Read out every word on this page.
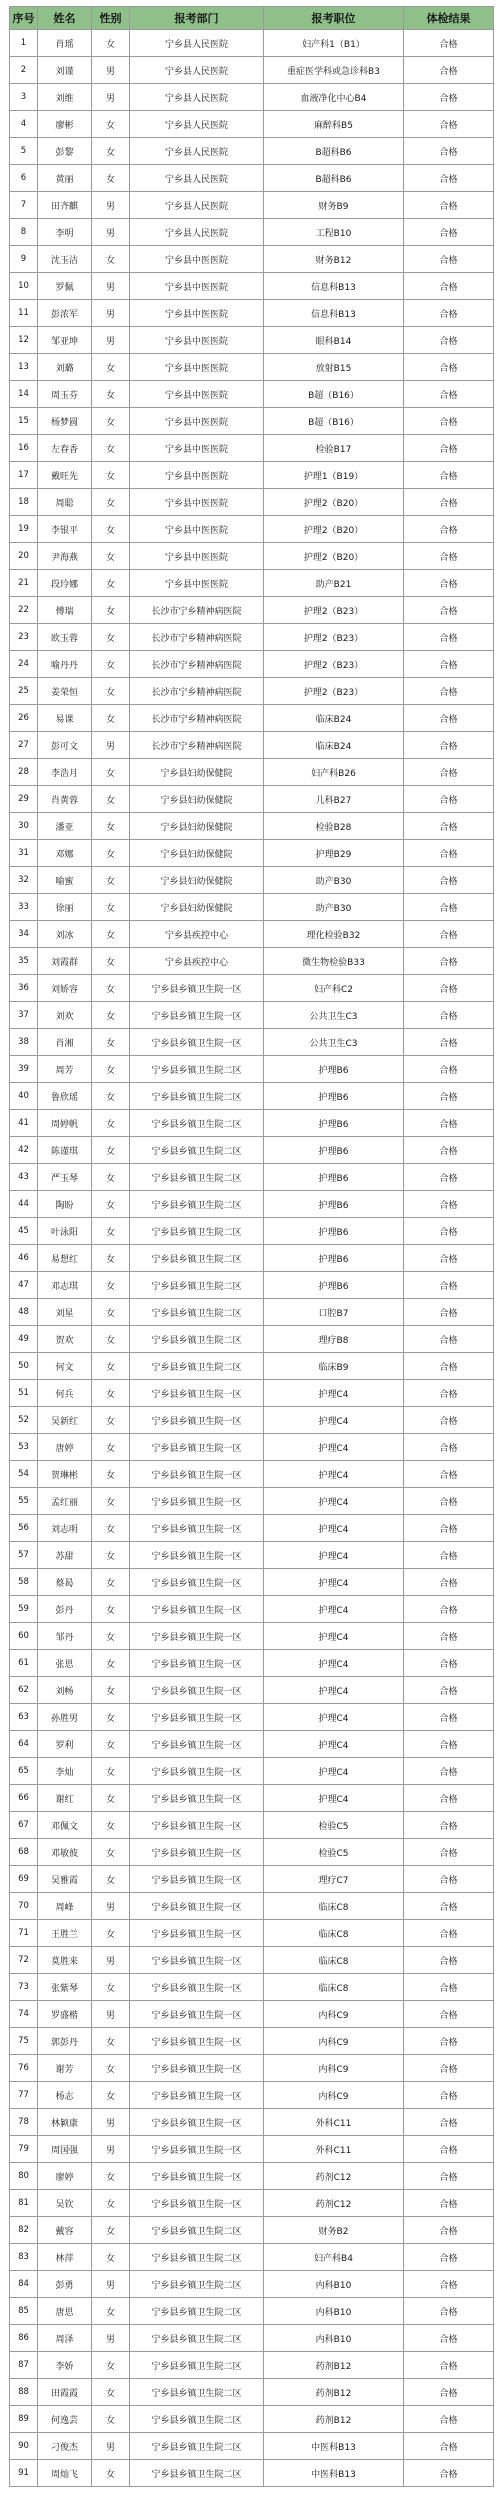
序号	姓名	性别	报考部门	报考职位	体检结果
1	肖瑶	女	宁乡县人民医院	妇产科1（B1）	合格
2	刘谨	男	宁乡县人民医院	重症医学科或急诊科B3	合格
3	刘维	男	宁乡县人民医院	血液净化中心B4	合格
4	廖彬	女	宁乡县人民医院	麻醉科B5	合格
5	彭黎	女	宁乡县人民医院	B超科B6	合格
6	黄丽	女	宁乡县人民医院	B超科B6	合格
7	田齐麒	男	宁乡县人民医院	财务B9	合格
8	李明	男	宁乡县人民医院	工程B10	合格
9	沈玉洁	女	宁乡县中医医院	财务B12	合格
10	罗佩	男	宁乡县中医医院	信息科B13	合格
11	彭浓军	男	宁乡县中医医院	信息科B13	合格
12	邹亚坤	男	宁乡县中医医院	眼科B14	合格
13	刘璐	女	宁乡县中医医院	放射B15	合格
14	周玉芬	女	宁乡县中医医院	B超（B16）	合格
15	杨梦圆	女	宁乡县中医医院	B超（B16）	合格
16	左春香	女	宁乡县中医医院	检验B17	合格
17	戴旺先	女	宁乡县中医医院	护理1（B19）	合格
18	周聪	女	宁乡县中医医院	护理2（B20）	合格
19	李银平	女	宁乡县中医医院	护理2（B20）	合格
20	尹海燕	女	宁乡县中医医院	护理2（B20）	合格
21	段玲娜	女	宁乡县中医医院	助产B21	合格
22	傅瑞	女	长沙市宁乡精神病医院	护理2（B23）	合格
23	欧玉蓉	女	长沙市宁乡精神病医院	护理2（B23）	合格
24	喻丹丹	女	长沙市宁乡精神病医院	护理2（B23）	合格
25	姜荣恒	女	长沙市宁乡精神病医院	护理2（B23）	合格
26	易课	女	长沙市宁乡精神病医院	临床B24	合格
27	彭可文	男	长沙市宁乡精神病医院	临床B24	合格
28	李浩月	女	宁乡县妇幼保健院	妇产科B26	合格
29	肖黄蓉	女	宁乡县妇幼保健院	儿科B27	合格
30	潘亚	女	宁乡县妇幼保健院	检验B28	合格
31	邓娜	女	宁乡县妇幼保健院	护理B29	合格
32	喻蜜	女	宁乡县妇幼保健院	助产B30	合格
33	徐丽	女	宁乡县妇幼保健院	助产B30	合格
34	刘冰	女	宁乡县疾控中心	理化检验B32	合格
35	刘霞群	女	宁乡县疾控中心	微生物检验B33	合格
36	刘娇容	女	宁乡县乡镇卫生院一区	妇产科C2	合格
37	刘欢	女	宁乡县乡镇卫生院一区	公共卫生C3	合格
38	肖湘	女	宁乡县乡镇卫生院一区	公共卫生C3	合格
39	周芳	女	宁乡县乡镇卫生院二区	护理B6	合格
40	鲁欣瑶	女	宁乡县乡镇卫生院二区	护理B6	合格
41	周婷帆	女	宁乡县乡镇卫生院二区	护理B6	合格
42	陈谨琪	女	宁乡县乡镇卫生院二区	护理B6	合格
43	严玉琴	女	宁乡县乡镇卫生院二区	护理B6	合格
44	陶盼	女	宁乡县乡镇卫生院二区	护理B6	合格
45	叶泳阳	女	宁乡县乡镇卫生院二区	护理B6	合格
46	易想红	女	宁乡县乡镇卫生院二区	护理B6	合格
47	邓志琪	女	宁乡县乡镇卫生院二区	护理B6	合格
48	刘星	女	宁乡县乡镇卫生院二区	口腔B7	合格
49	贺欢	女	宁乡县乡镇卫生院二区	理疗B8	合格
50	何文	女	宁乡县乡镇卫生院二区	临床B9	合格
51	何兵	女	宁乡县乡镇卫生院一区	护理C4	合格
52	吴新红	女	宁乡县乡镇卫生院一区	护理C4	合格
53	唐婷	女	宁乡县乡镇卫生院一区	护理C4	合格
54	贺琳彬	女	宁乡县乡镇卫生院一区	护理C4	合格
55	孟红丽	女	宁乡县乡镇卫生院一区	护理C4	合格
56	刘志明	女	宁乡县乡镇卫生院一区	护理C4	合格
57	苏甜	女	宁乡县乡镇卫生院一区	护理C4	合格
58	蔡曷	女	宁乡县乡镇卫生院一区	护理C4	合格
59	彭丹	女	宁乡县乡镇卫生院一区	护理C4	合格
60	邹丹	女	宁乡县乡镇卫生院一区	护理C4	合格
61	张思	女	宁乡县乡镇卫生院一区	护理C4	合格
62	刘畅	女	宁乡县乡镇卫生院一区	护理C4	合格
63	孙胜男	女	宁乡县乡镇卫生院一区	护理C4	合格
64	罗利	女	宁乡县乡镇卫生院一区	护理C4	合格
65	李灿	女	宁乡县乡镇卫生院一区	护理C4	合格
66	谢红	女	宁乡县乡镇卫生院一区	护理C4	合格
67	邓佩文	女	宁乡县乡镇卫生院一区	检验C5	合格
68	邓敏彼	女	宁乡县乡镇卫生院一区	检验C5	合格
69	吴雅霞	女	宁乡县乡镇卫生院一区	理疗C7	合格
70	周峰	男	宁乡县乡镇卫生院一区	临床C8	合格
71	王胜兰	女	宁乡县乡镇卫生院一区	临床C8	合格
72	莫胜来	男	宁乡县乡镇卫生院一区	临床C8	合格
73	张紫琴	女	宁乡县乡镇卫生院一区	临床C8	合格
74	罗盛楷	男	宁乡县乡镇卫生院一区	内科C9	合格
75	郭彭丹	女	宁乡县乡镇卫生院一区	内科C9	合格
76	谢芳	女	宁乡县乡镇卫生院一区	内科C9	合格
77	杨志	女	宁乡县乡镇卫生院一区	内科C9	合格
78	林颖康	男	宁乡县乡镇卫生院一区	外科C11	合格
79	周国强	男	宁乡县乡镇卫生院一区	外科C11	合格
80	廖婷	女	宁乡县乡镇卫生院一区	药剂C12	合格
81	吴钦	女	宁乡县乡镇卫生院一区	药剂C12	合格
82	戴容	女	宁乡县乡镇卫生院二区	财务B2	合格
83	林萍	女	宁乡县乡镇卫生院二区	妇产科B4	合格
84	彭勇	男	宁乡县乡镇卫生院二区	内科B10	合格
85	唐思	女	宁乡县乡镇卫生院二区	内科B10	合格
86	周泽	男	宁乡县乡镇卫生院二区	内科B10	合格
87	李娇	女	宁乡县乡镇卫生院二区	药剂B12	合格
88	田霞霞	女	宁乡县乡镇卫生院二区	药剂B12	合格
89	何逸芸	女	宁乡县乡镇卫生院二区	药剂B12	合格
90	刁俊杰	男	宁乡县乡镇卫生院二区	中医科B13	合格
91	周灿飞	女	宁乡县乡镇卫生院二区	中医科B13	合格
